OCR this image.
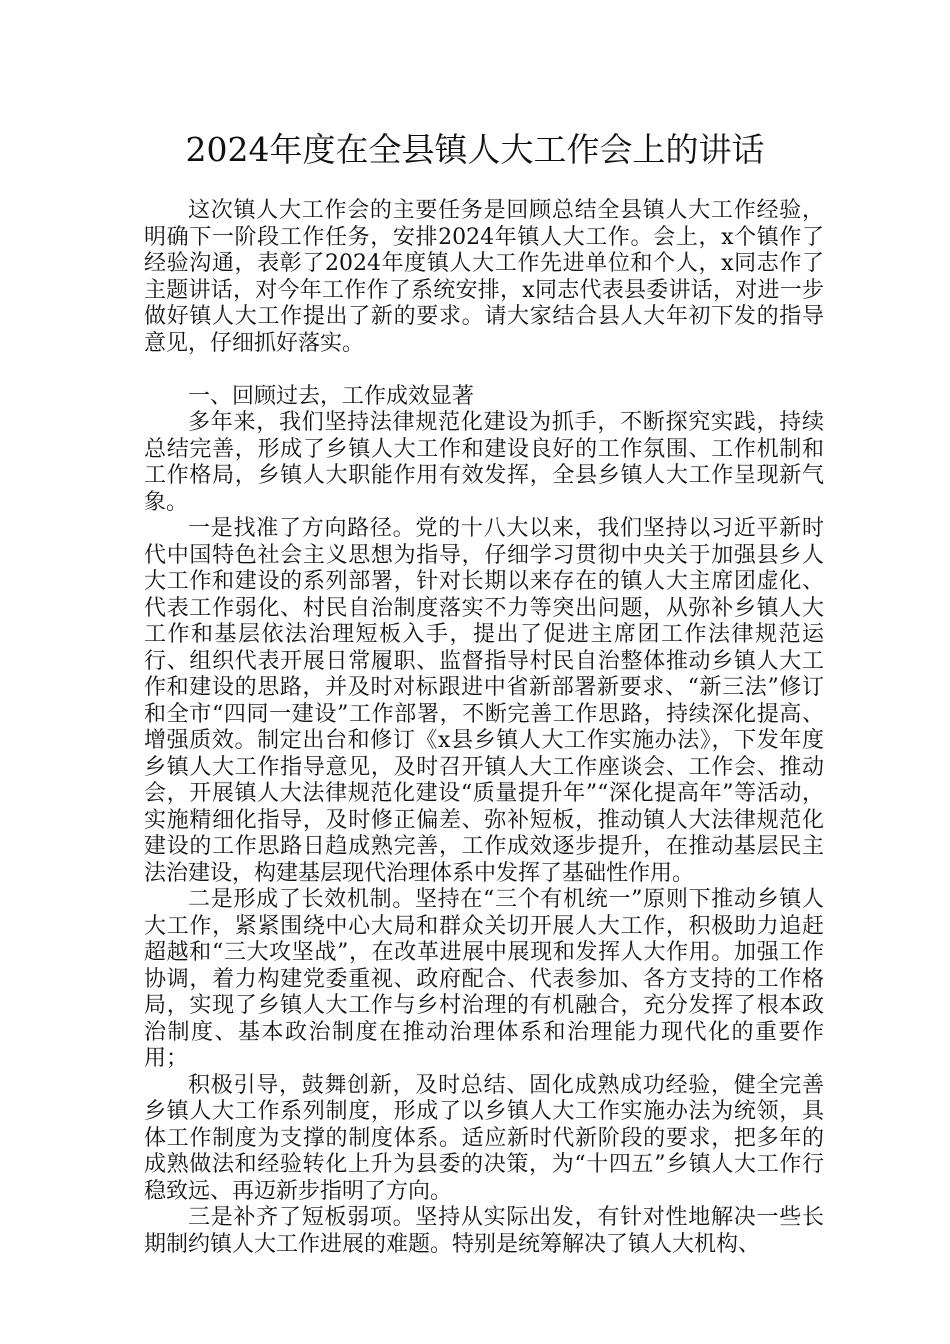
2024年度在全县镇人大工作会上的讲话

这次镇人大工作会的主要任务是回顾总结全县镇人大工作经验，明确下一阶段工作任务，安排2024年镇人大工作。会上，x个镇作了经验沟通，表彰了2024年度镇人大工作先进单位和个人，x同志作了主题讲话，对今年工作作了系统安排，x同志代表县委讲话，对进一步做好镇人大工作提出了新的要求。请大家结合县人大年初下发的指导意见，仔细抓好落实。

一、回顾过去，工作成效显著

多年来，我们坚持法律规范化建设为抓手，不断探究实践，持续总结完善，形成了乡镇人大工作和建设良好的工作氛围、工作机制和工作格局，乡镇人大职能作用有效发挥，全县乡镇人大工作呈现新气象。

一是找准了方向路径。党的十八大以来，我们坚持以习近平新时代中国特色社会主义思想为指导，仔细学习贯彻中央关于加强县乡人大工作和建设的系列部署，针对长期以来存在的镇人大主席团虚化、代表工作弱化、村民自治制度落实不力等突出问题，从弥补乡镇人大工作和基层依法治理短板入手，提出了促进主席团工作法律规范运行、组织代表开展日常履职、监督指导村民自治整体推动乡镇人大工作和建设的思路，并及时对标跟进中省新部署新要求、“新三法”修订和全市“四同一建设”工作部署，不断完善工作思路，持续深化提高、增强质效。制定出台和修订《x县乡镇人大工作实施办法》，下发年度乡镇人大工作指导意见，及时召开镇人大工作座谈会、工作会、推动会，开展镇人大法律规范化建设“质量提升年”“深化提高年”等活动，实施精细化指导，及时修正偏差、弥补短板，推动镇人大法律规范化建设的工作思路日趋成熟完善，工作成效逐步提升，在推动基层民主法治建设，构建基层现代治理体系中发挥了基础性作用。

二是形成了长效机制。坚持在“三个有机统一”原则下推动乡镇人大工作，紧紧围绕中心大局和群众关切开展人大工作，积极助力追赶超越和“三大攻坚战”，在改革进展中展现和发挥人大作用。加强工作协调，着力构建党委重视、政府配合、代表参加、各方支持的工作格局，实现了乡镇人大工作与乡村治理的有机融合，充分发挥了根本政治制度、基本政治制度在推动治理体系和治理能力现代化的重要作用；

积极引导，鼓舞创新，及时总结、固化成熟成功经验，健全完善乡镇人大工作系列制度，形成了以乡镇人大工作实施办法为统领，具体工作制度为支撑的制度体系。适应新时代新阶段的要求，把多年的成熟做法和经验转化上升为县委的决策，为“十四五”乡镇人大工作行稳致远、再迈新步指明了方向。

三是补齐了短板弱项。坚持从实际出发，有针对性地解决一些长期制约镇人大工作进展的难题。特别是统筹解决了镇人大机构、
